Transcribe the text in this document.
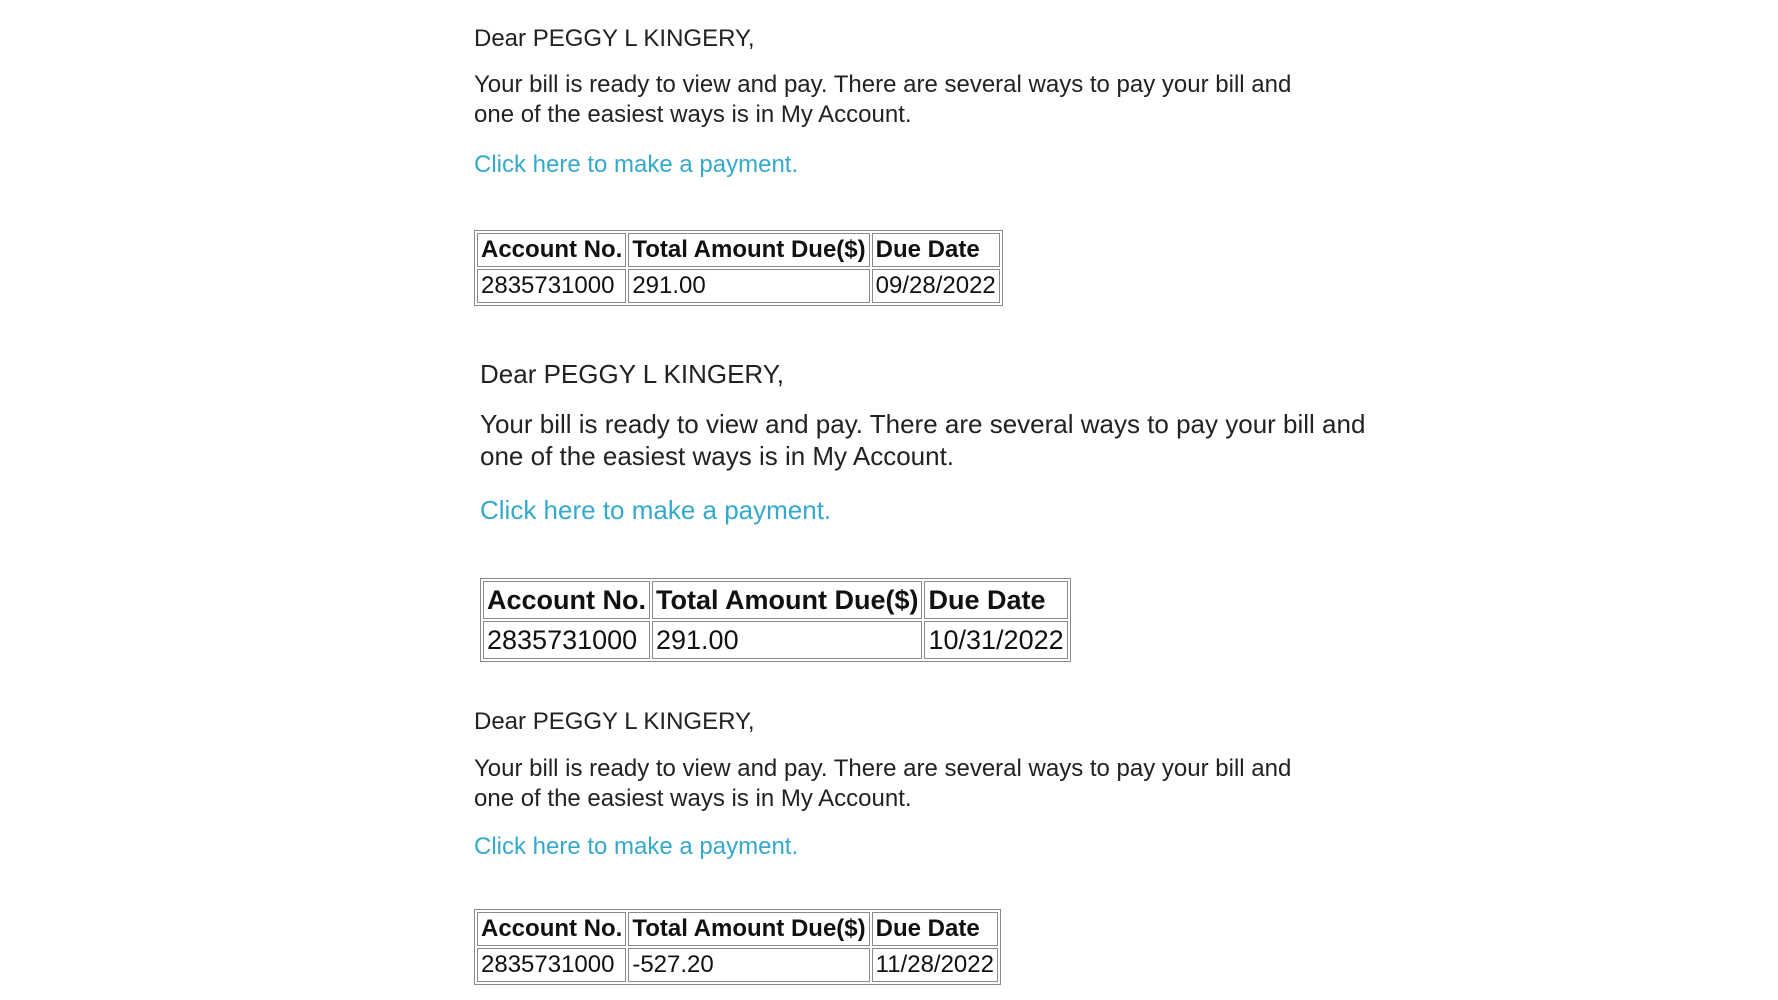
Dear PEGGY L KINGERY,

Your bill is ready to view and pay. There are several ways to pay your bill and one of the easiest ways is in My Account.

Click here to make a payment.
Account No.	Total Amount Due($)	Due Date
2835731000	291.00	09/28/2022

Dear PEGGY L KINGERY,

Your bill is ready to view and pay. There are several ways to pay your bill and one of the easiest ways is in My Account.

Click here to make a payment.
Account No.	Total Amount Due($)	Due Date
2835731000	291.00	10/31/2022

Dear PEGGY L KINGERY,

Your bill is ready to view and pay. There are several ways to pay your bill and one of the easiest ways is in My Account.

Click here to make a payment.
Account No.	Total Amount Due($)	Due Date
2835731000	-527.20	11/28/2022
